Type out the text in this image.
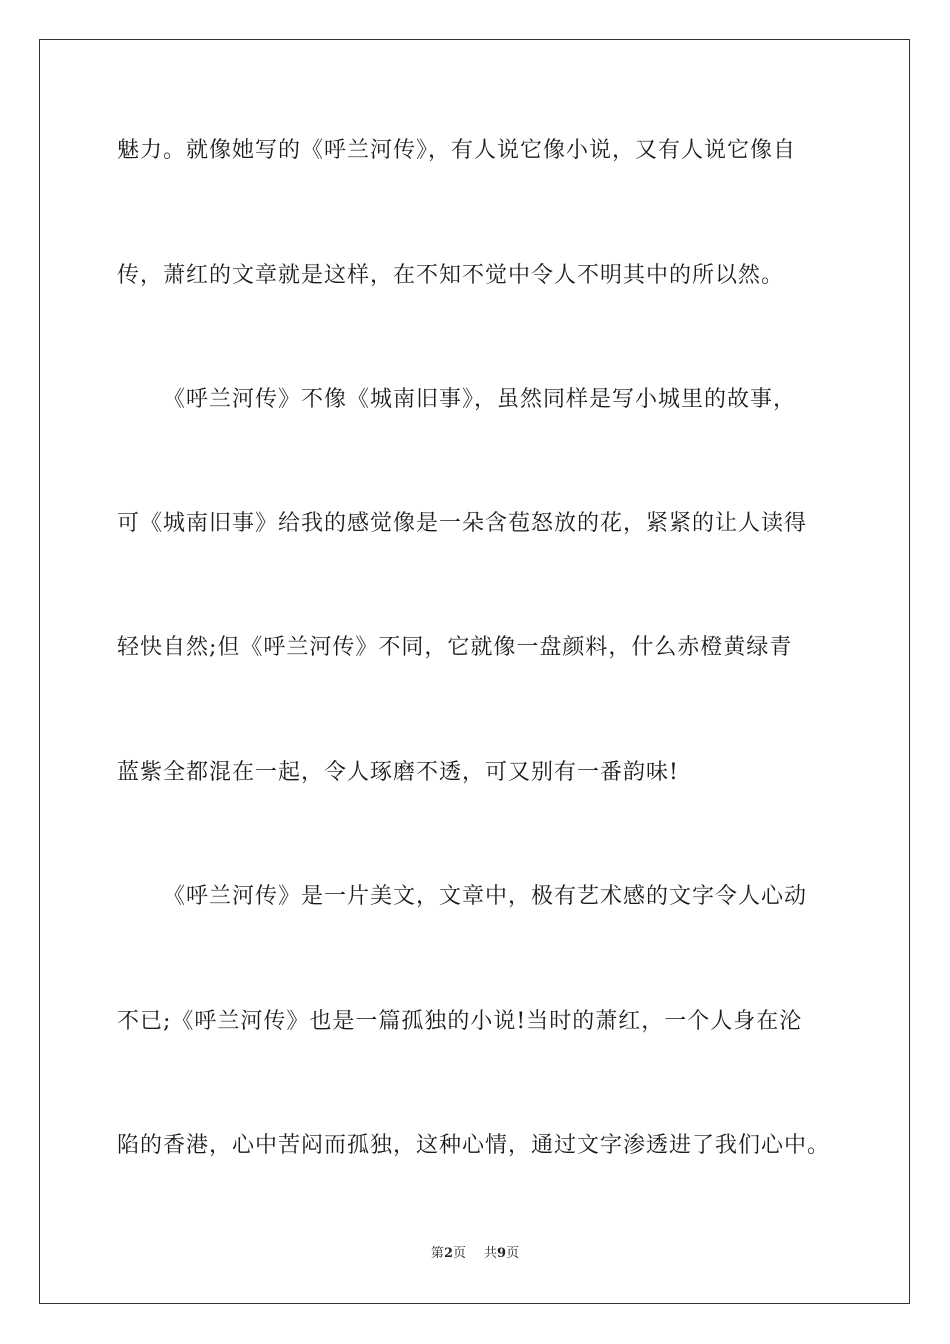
魅力。就像她写的《呼兰河传》，有人说它像小说，又有人说它像自
传，萧红的文章就是这样，在不知不觉中令人不明其中的所以然。
《呼兰河传》不像《城南旧事》，虽然同样是写小城里的故事，
可《城南旧事》给我的感觉像是一朵含苞怒放的花，紧紧的让人读得
轻快自然;但《呼兰河传》不同，它就像一盘颜料，什么赤橙黄绿青
蓝紫全都混在一起，令人琢磨不透，可又别有一番韵味!
《呼兰河传》是一片美文，文章中，极有艺术感的文字令人心动
不已;《呼兰河传》也是一篇孤独的小说!当时的萧红，一个人身在沦
陷的香港，心中苦闷而孤独，这种心情，通过文字渗透进了我们心中。
第2页 共9页
